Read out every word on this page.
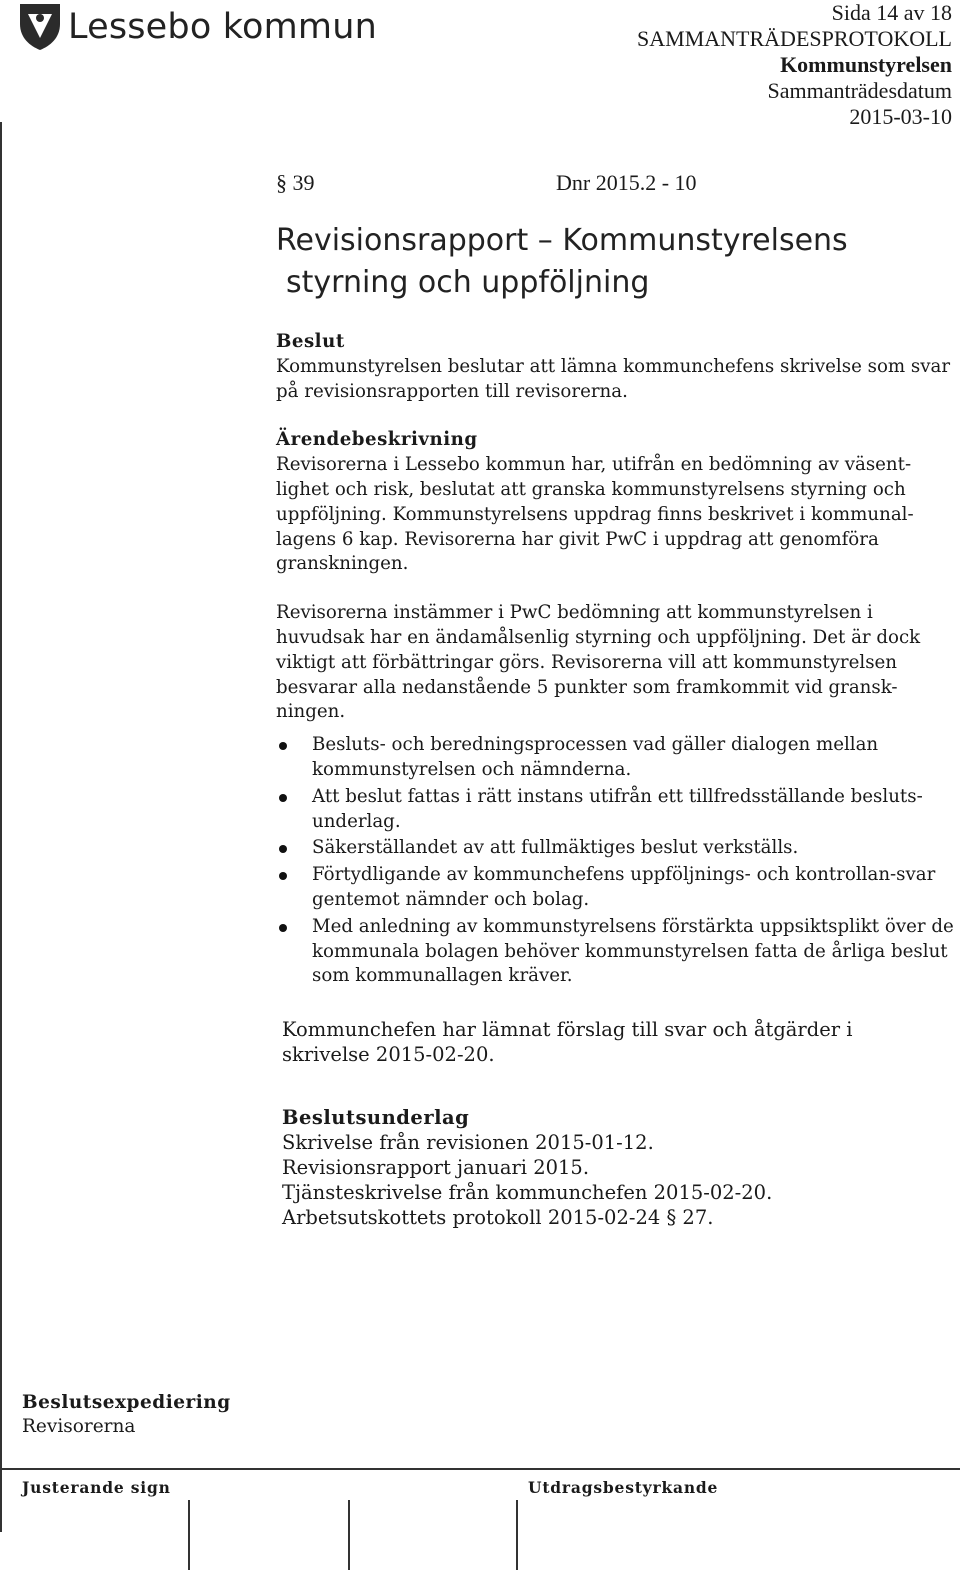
Lessebo kommun	Sida 14 av 18
SAMMANTRÄDESPROTOKOLL
Kommunstyrelsen
Sammanträdesdatum
2015-03-10
§ 39	Dnr 2015.2 - 10
Revisionsrapport – Kommunstyrelsens
styrning och uppföljning

Beslut

Kommunstyrelsen beslutar att lämna kommunchefens skrivelse som svar på revisionsrapporten till revisorerna.

Ärendebeskrivning

Revisorerna i Lessebo kommun har, utifrån en bedömning av väsent-lighet och risk, beslutat att granska kommunstyrelsens styrning och uppföljning. Kommunstyrelsens uppdrag finns beskrivet i kommunal-lagens 6 kap. Revisorerna har givit PwC i uppdrag att genomföra granskningen.

Revisorerna instämmer i PwC bedömning att kommunstyrelsen i huvudsak har en ändamålsenlig styrning och uppföljning. Det är dock viktigt att förbättringar görs. Revisorerna vill att kommunstyrelsen besvarar alla nedanstående 5 punkter som framkommit vid gransk-ningen.

Besluts- och beredningsprocessen vad gäller dialogen mellan kommunstyrelsen och nämnderna.
Att beslut fattas i rätt instans utifrån ett tillfredsställande besluts-underlag.
Säkerställandet av att fullmäktiges beslut verkställs.
Förtydligande av kommunchefens uppföljnings- och kontrollan-svar gentemot nämnder och bolag.
Med anledning av kommunstyrelsens förstärkta uppsiktsplikt över de kommunala bolagen behöver kommunstyrelsen fatta de årliga beslut som kommunallagen kräver.

Kommunchefen har lämnat förslag till svar och åtgärder i skrivelse 2015-02-20.

Beslutsunderlag

Skrivelse från revisionen 2015-01-12.

Revisionsrapport januari 2015.

Tjänsteskrivelse från kommunchefen 2015-02-20.

Arbetsutskottets protokoll 2015-02-24 § 27.

Beslutsexpediering
Revisorerna
Justerande sign	Utdragsbestyrkande
